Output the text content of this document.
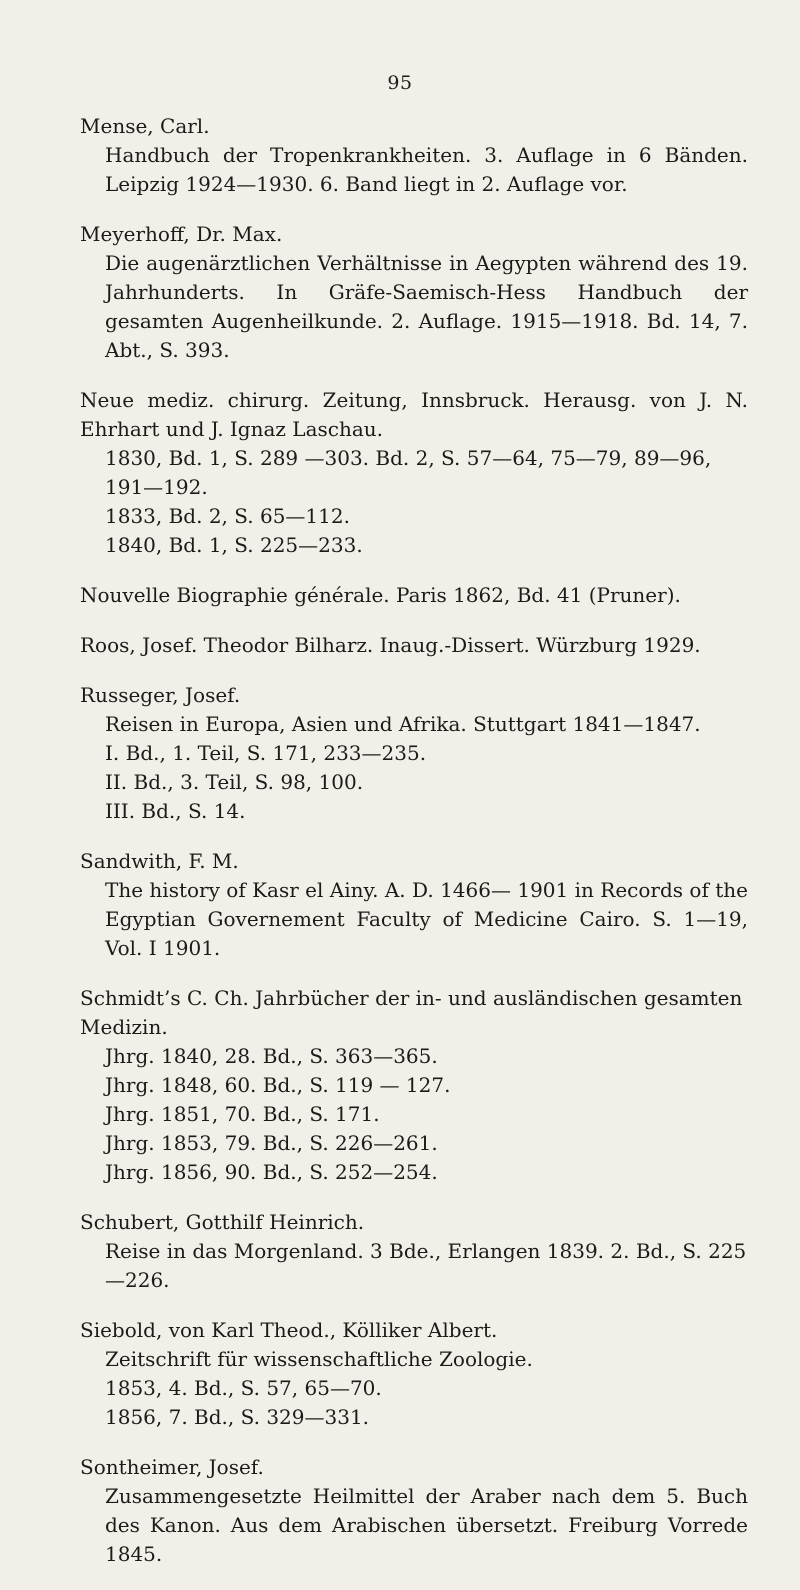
95
Mense, Carl.
Handbuch der Tropenkrankheiten. 3. Auflage in 6 Bänden. Leipzig 1924—1930. 6. Band liegt in 2. Auflage vor.
Meyerhoff, Dr. Max.
Die augenärztlichen Verhältnisse in Aegypten während des 19. Jahrhunderts. In Gräfe-Saemisch-Hess Handbuch der gesamten Augenheilkunde. 2. Auflage. 1915—1918. Bd. 14, 7. Abt., S. 393.
Neue mediz. chirurg. Zeitung, Innsbruck. Herausg. von J. N. Ehrhart und J. Ignaz Laschau.
1830, Bd. 1, S. 289 —303. Bd. 2, S. 57—64, 75—79, 89—96, 191—192.
1833, Bd. 2, S. 65—112.
1840, Bd. 1, S. 225—233.
Nouvelle Biographie générale. Paris 1862, Bd. 41 (Pruner).
Roos, Josef. Theodor Bilharz. Inaug.-Dissert. Würzburg 1929.
Russeger, Josef.
Reisen in Europa, Asien und Afrika. Stuttgart 1841—1847.
I. Bd., 1. Teil, S. 171, 233—235.
II. Bd., 3. Teil, S. 98, 100.
III. Bd., S. 14.
Sandwith, F. M.
The history of Kasr el Ainy. A. D. 1466— 1901 in Records of the Egyptian Governement Faculty of Medicine Cairo. S. 1—19, Vol. I 1901.
Schmidt’s C. Ch. Jahrbücher der in- und ausländischen gesamten Medizin.
Jhrg. 1840, 28. Bd., S. 363—365.
Jhrg. 1848, 60. Bd., S. 119 — 127.
Jhrg. 1851, 70. Bd., S. 171.
Jhrg. 1853, 79. Bd., S. 226—261.
Jhrg. 1856, 90. Bd., S. 252—254.
Schubert, Gotthilf Heinrich.
Reise in das Morgenland. 3 Bde., Erlangen 1839. 2. Bd., S. 225—226.
Siebold, von Karl Theod., Kölliker Albert.
Zeitschrift für wissenschaftliche Zoologie.
1853, 4. Bd., S. 57, 65—70.
1856, 7. Bd., S. 329—331.
Sontheimer, Josef.
Zusammengesetzte Heilmittel der Araber nach dem 5. Buch des Kanon. Aus dem Arabischen übersetzt. Freiburg Vorrede 1845.
